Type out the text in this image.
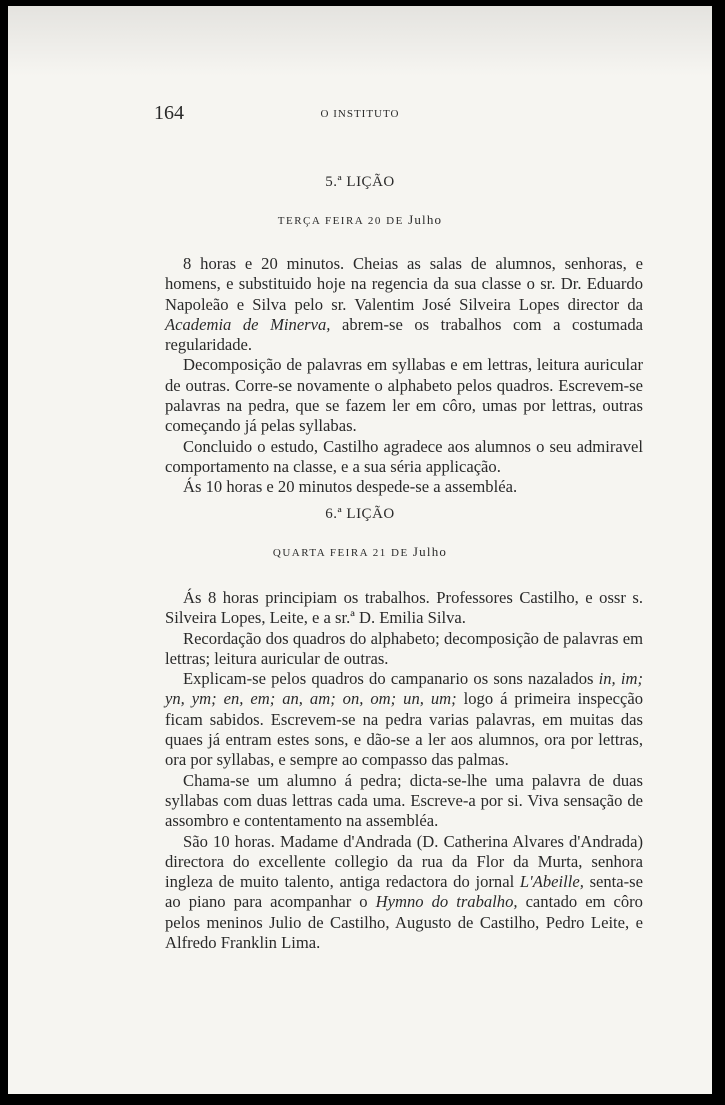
164	O INSTITUTO
5.ª LIÇÃO
TERÇA FEIRA 20 DE Julho

8 horas e 20 minutos. Cheias as salas de alumnos, senhoras, e homens, e substituido hoje na regencia da sua classe o sr. Dr. Eduardo Napoleão e Silva pelo sr. Valentim José Silveira Lopes director da Academia de Minerva, abrem-se os trabalhos com a costumada regularidade.

Decomposição de palavras em syllabas e em lettras, leitura auricular de outras. Corre-se novamente o alphabeto pelos quadros. Escrevem-se palavras na pedra, que se fazem ler em côro, umas por lettras, outras começando já pelas syllabas.

Concluido o estudo, Castilho agradece aos alumnos o seu admiravel comportamento na classe, e a sua séria applicação.

Ás 10 horas e 20 minutos despede-se a assembléa.

6.ª LIÇÃO
QUARTA FEIRA 21 DE Julho

Ás 8 horas principiam os trabalhos. Professores Castilho, e ossr s. Silveira Lopes, Leite, e a sr.ª D. Emilia Silva.

Recordação dos quadros do alphabeto; decomposição de palavras em lettras; leitura auricular de outras.

Explicam-se pelos quadros do campanario os sons nazalados in, im; yn, ym; en, em; an, am; on, om; un, um; logo á primeira inspecção ficam sabidos. Escrevem-se na pedra varias palavras, em muitas das quaes já entram estes sons, e dão-se a ler aos alumnos, ora por lettras, ora por syllabas, e sempre ao compasso das palmas.

Chama-se um alumno á pedra; dicta-se-lhe uma palavra de duas syllabas com duas lettras cada uma. Escreve-a por si. Viva sensação de assombro e contentamento na assembléa.

São 10 horas. Madame d'Andrada (D. Catherina Alvares d'Andrada) directora do excellente collegio da rua da Flor da Murta, senhora ingleza de muito talento, antiga redactora do jornal L'Abeille, senta-se ao piano para acompanhar o Hymno do trabalho, cantado em côro pelos meninos Julio de Castilho, Augusto de Castilho, Pedro Leite, e Alfredo Franklin Lima.
